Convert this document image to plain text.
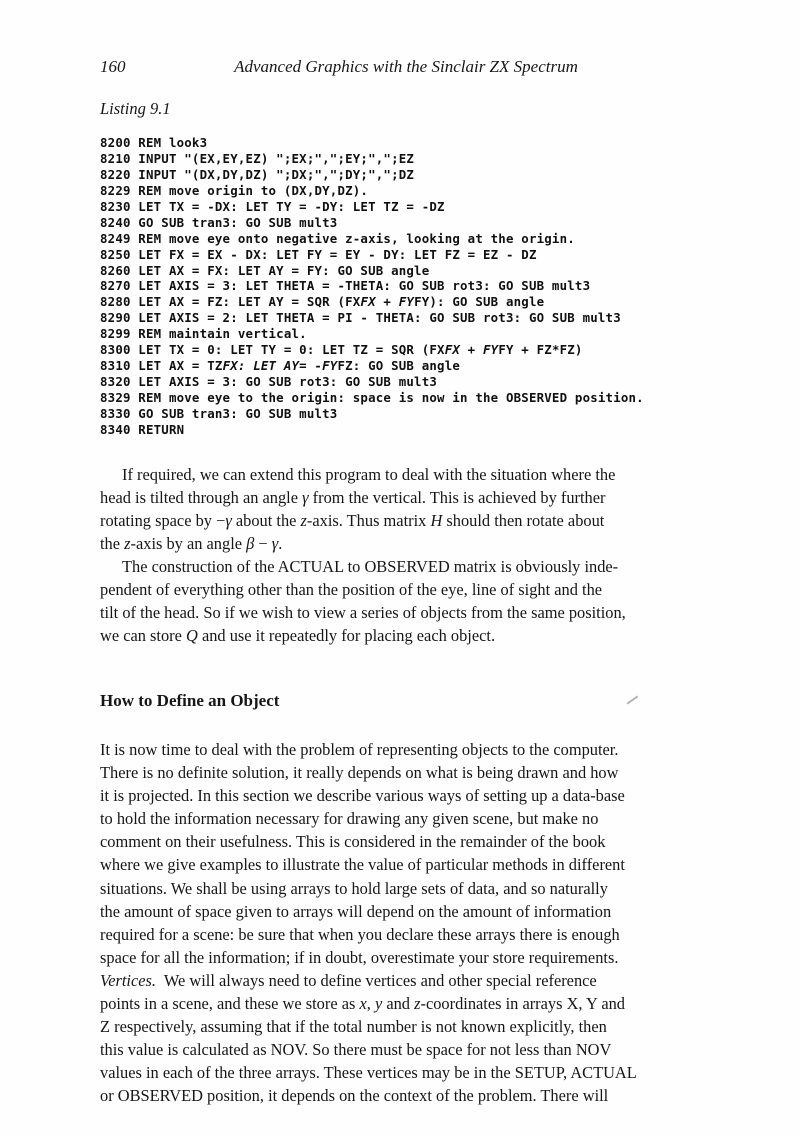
160	Advanced Graphics with the Sinclair ZX Spectrum
Listing 9.1
8200 REM look3
8210 INPUT "(EX,EY,EZ) ";EX;",";EY;",";EZ
8220 INPUT "(DX,DY,DZ) ";DX;",";DY;",";DZ
8229 REM move origin to (DX,DY,DZ).
8230 LET TX = -DX: LET TY = -DY: LET TZ = -DZ
8240 GO SUB tran3: GO SUB mult3
8249 REM move eye onto negative z-axis, looking at the origin.
8250 LET FX = EX - DX: LET FY = EY - DY: LET FZ = EZ - DZ
8260 LET AX = FX: LET AY = FY: GO SUB angle
8270 LET AXIS = 3: LET THETA = -THETA: GO SUB rot3: GO SUB mult3
8280 LET AX = FZ: LET AY = SQR (FXFX + FYFY): GO SUB angle
8290 LET AXIS = 2: LET THETA = PI - THETA: GO SUB rot3: GO SUB mult3
8299 REM maintain vertical.
8300 LET TX = 0: LET TY = 0: LET TZ = SQR (FXFX + FYFY + FZ*FZ)
8310 LET AX = TZFX: LET AY= -FYFZ: GO SUB angle
8320 LET AXIS = 3: GO SUB rot3: GO SUB mult3
8329 REM move eye to the origin: space is now in the OBSERVED position.
8330 GO SUB tran3: GO SUB mult3
8340 RETURN
If required, we can extend this program to deal with the situation where the
head is tilted through an angle γ from the vertical. This is achieved by further
rotating space by −γ about the z-axis. Thus matrix H should then rotate about
the z-axis by an angle β − γ.
The construction of the ACTUAL to OBSERVED matrix is obviously inde-
pendent of everything other than the position of the eye, line of sight and the
tilt of the head. So if we wish to view a series of objects from the same position,
we can store Q and use it repeatedly for placing each object.
How to Define an Object
It is now time to deal with the problem of representing objects to the computer.
There is no definite solution, it really depends on what is being drawn and how
it is projected. In this section we describe various ways of setting up a data-base
to hold the information necessary for drawing any given scene, but make no
comment on their usefulness. This is considered in the remainder of the book
where we give examples to illustrate the value of particular methods in different
situations. We shall be using arrays to hold large sets of data, and so naturally
the amount of space given to arrays will depend on the amount of information
required for a scene: be sure that when you declare these arrays there is enough
space for all the information; if in doubt, overestimate your store requirements.
Vertices.  We will always need to define vertices and other special reference
points in a scene, and these we store as x, y and z-coordinates in arrays X, Y and
Z respectively, assuming that if the total number is not known explicitly, then
this value is calculated as NOV. So there must be space for not less than NOV
values in each of the three arrays. These vertices may be in the SETUP, ACTUAL
or OBSERVED position, it depends on the context of the problem. There will
